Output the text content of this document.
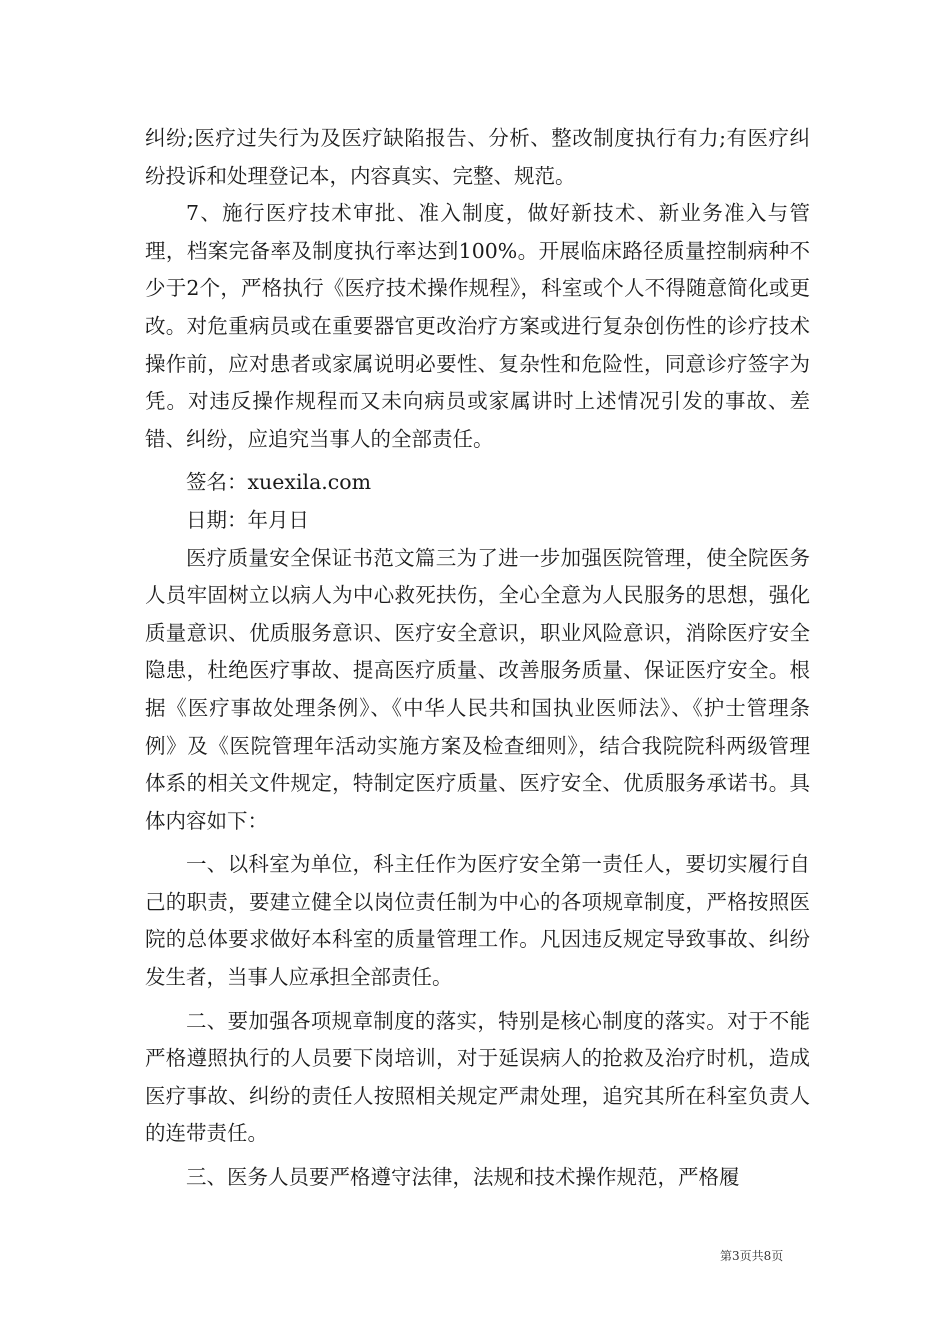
纠纷;医疗过失行为及医疗缺陷报告、分析、整改制度执行有力;有医疗纠纷投诉和处理登记本，内容真实、完整、规范。

7、施行医疗技术审批、准入制度，做好新技术、新业务准入与管理，档案完备率及制度执行率达到100%。开展临床路径质量控制病种不少于2个，严格执行《医疗技术操作规程》，科室或个人不得随意简化或更改。对危重病员或在重要器官更改治疗方案或进行复杂创伤性的诊疗技术操作前，应对患者或家属说明必要性、复杂性和危险性，同意诊疗签字为凭。对违反操作规程而又未向病员或家属讲时上述情况引发的事故、差错、纠纷，应追究当事人的全部责任。

签名：xuexila.com

日期：年月日

医疗质量安全保证书范文篇三为了进一步加强医院管理，使全院医务人员牢固树立以病人为中心救死扶伤，全心全意为人民服务的思想，强化质量意识、优质服务意识、医疗安全意识，职业风险意识，消除医疗安全隐患，杜绝医疗事故、提高医疗质量、改善服务质量、保证医疗安全。根据《医疗事故处理条例》、《中华人民共和国执业医师法》、《护士管理条例》及《医院管理年活动实施方案及检查细则》，结合我院院科两级管理体系的相关文件规定，特制定医疗质量、医疗安全、优质服务承诺书。具体内容如下：

一、以科室为单位，科主任作为医疗安全第一责任人，要切实履行自己的职责，要建立健全以岗位责任制为中心的各项规章制度，严格按照医院的总体要求做好本科室的质量管理工作。凡因违反规定导致事故、纠纷发生者，当事人应承担全部责任。

二、要加强各项规章制度的落实，特别是核心制度的落实。对于不能严格遵照执行的人员要下岗培训，对于延误病人的抢救及治疗时机，造成医疗事故、纠纷的责任人按照相关规定严肃处理，追究其所在科室负责人的连带责任。

三、医务人员要严格遵守法律，法规和技术操作规范，严格履

第3页共8页
